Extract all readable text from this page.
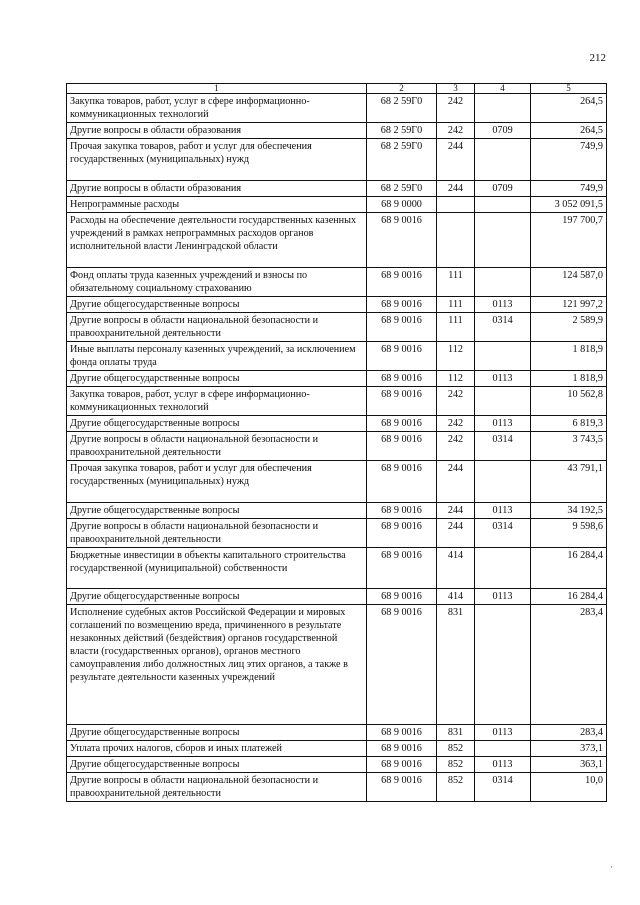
212
1	2	3	4	5
Закупка товаров, работ, услуг в сфере информационно-коммуникационных технологий	68 2 59Г0	242		264,5
Другие вопросы в области образования	68 2 59Г0	242	0709	264,5
Прочая закупка товаров, работ и услуг для обеспечения государственных (муниципальных) нужд	68 2 59Г0	244		749,9
Другие вопросы в области образования	68 2 59Г0	244	0709	749,9
Непрограммные расходы	68 9 0000			3 052 091,5
Расходы на обеспечение деятельности государственных казенных учреждений в рамках непрограммных расходов органов исполнительной власти Ленинградской области	68 9 0016			197 700,7
Фонд оплаты труда казенных учреждений и взносы по обязательному социальному страхованию	68 9 0016	111		124 587,0
Другие общегосударственные вопросы	68 9 0016	111	0113	121 997,2
Другие вопросы в области национальной безопасности и правоохранительной деятельности	68 9 0016	111	0314	2 589,9
Иные выплаты персоналу казенных учреждений, за исключением фонда оплаты труда	68 9 0016	112		1 818,9
Другие общегосударственные вопросы	68 9 0016	112	0113	1 818,9
Закупка товаров, работ, услуг в сфере информационно-коммуникационных технологий	68 9 0016	242		10 562,8
Другие общегосударственные вопросы	68 9 0016	242	0113	6 819,3
Другие вопросы в области национальной безопасности и правоохранительной деятельности	68 9 0016	242	0314	3 743,5
Прочая закупка товаров, работ и услуг для обеспечения государственных (муниципальных) нужд	68 9 0016	244		43 791,1
Другие общегосударственные вопросы	68 9 0016	244	0113	34 192,5
Другие вопросы в области национальной безопасности и правоохранительной деятельности	68 9 0016	244	0314	9 598,6
Бюджетные инвестиции в объекты капитального строительства государственной (муниципальной) собственности	68 9 0016	414		16 284,4
Другие общегосударственные вопросы	68 9 0016	414	0113	16 284,4
Исполнение судебных актов Российской Федерации и мировых соглашений по возмещению вреда, причиненного в результате незаконных действий (бездействия) органов государственной власти (государственных органов), органов местного самоуправления либо должностных лиц этих органов, а также в результате деятельности казенных учреждений	68 9 0016	831		283,4
Другие общегосударственные вопросы	68 9 0016	831	0113	283,4
Уплата прочих налогов, сборов и иных платежей	68 9 0016	852		373,1
Другие общегосударственные вопросы	68 9 0016	852	0113	363,1
Другие вопросы в области национальной безопасности и правоохранительной деятельности	68 9 0016	852	0314	10,0
·
